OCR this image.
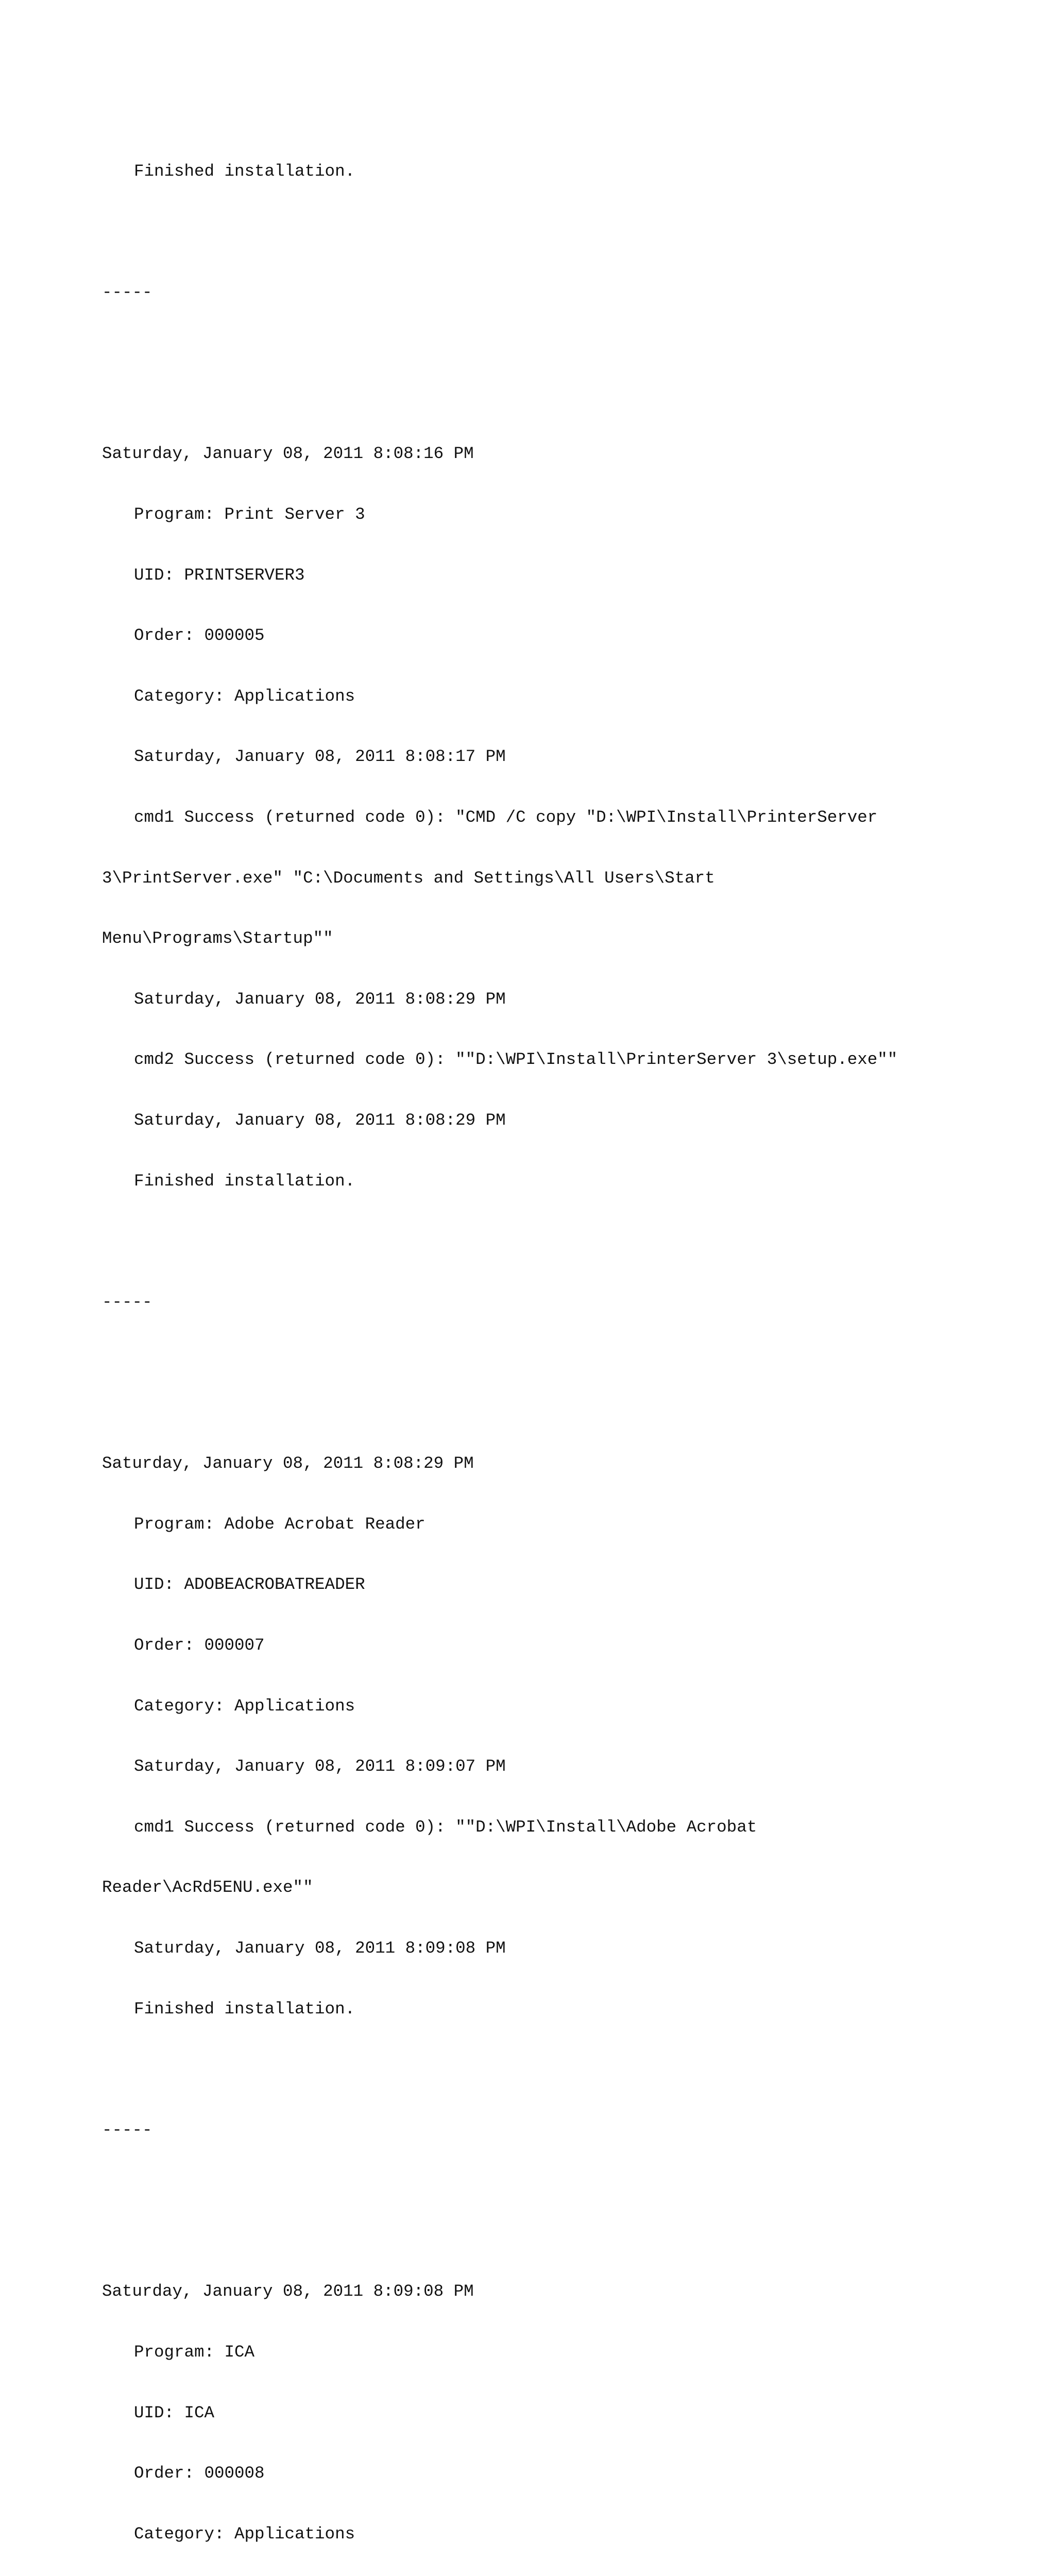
Finished installation.

-----

Saturday, January 08, 2011 8:08:16 PM

Program: Print Server 3

UID: PRINTSERVER3

Order: 000005

Category: Applications

Saturday, January 08, 2011 8:08:17 PM

cmd1 Success (returned code 0): "CMD /C copy "D:\WPI\Install\PrinterServer

3\PrintServer.exe" "C:\Documents and Settings\All Users\Start

Menu\Programs\Startup""

Saturday, January 08, 2011 8:08:29 PM

cmd2 Success (returned code 0): ""D:\WPI\Install\PrinterServer 3\setup.exe""

Saturday, January 08, 2011 8:08:29 PM

Finished installation.

-----

Saturday, January 08, 2011 8:08:29 PM

Program: Adobe Acrobat Reader

UID: ADOBEACROBATREADER

Order: 000007

Category: Applications

Saturday, January 08, 2011 8:09:07 PM

cmd1 Success (returned code 0): ""D:\WPI\Install\Adobe Acrobat

Reader\AcRd5ENU.exe""

Saturday, January 08, 2011 8:09:08 PM

Finished installation.

-----

Saturday, January 08, 2011 8:09:08 PM

Program: ICA

UID: ICA

Order: 000008

Category: Applications
